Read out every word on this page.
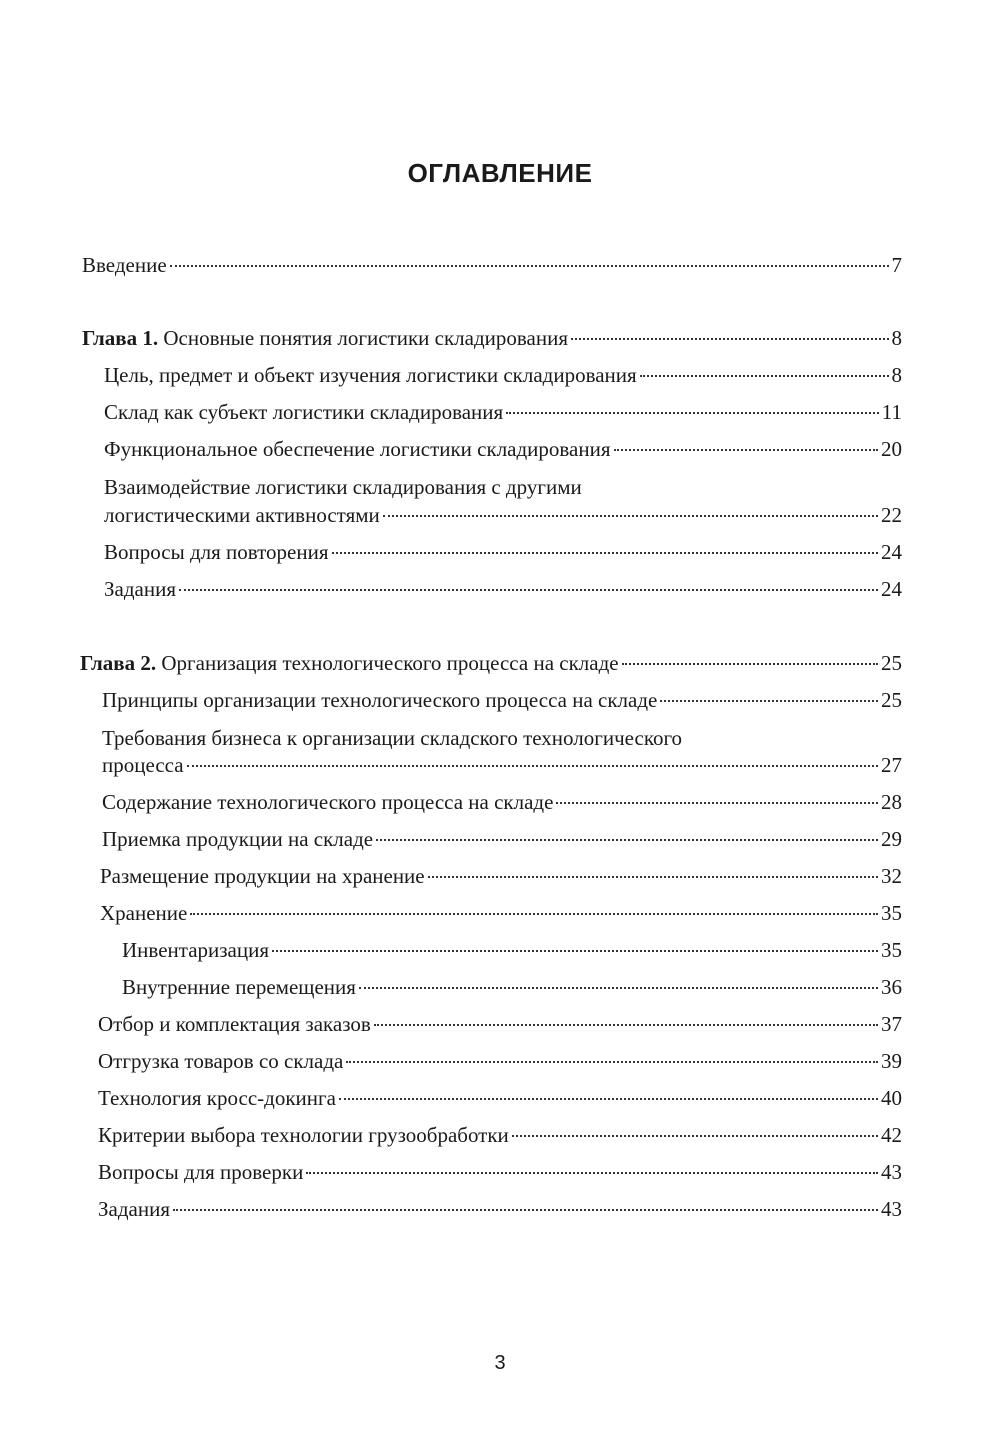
ОГЛАВЛЕНИЕ
Введение	7
Глава 1. Основные понятия логистики складирования	8
Цель, предмет и объект изучения логистики складирования	8
Склад как субъект логистики складирования	11
Функциональное обеспечение логистики складирования	20
Взаимодействие логистики складирования с другими
логистическими активностями	22
Вопросы для повторения	24
Задания	24
Глава 2. Организация технологического процесса на складе	25
Принципы организации технологического процесса на складе	25
Требования бизнеса к организации складского технологического
процесса	27
Содержание технологического процесса на складе	28
Приемка продукции на складе	29
Размещение продукции на хранение	32
Хранение	35
Инвентаризация	35
Внутренние перемещения	36
Отбор и комплектация заказов	37
Отгрузка товаров со склада	39
Технология кросс-докинга	40
Критерии выбора технологии грузообработки	42
Вопросы для проверки	43
Задания	43
3
